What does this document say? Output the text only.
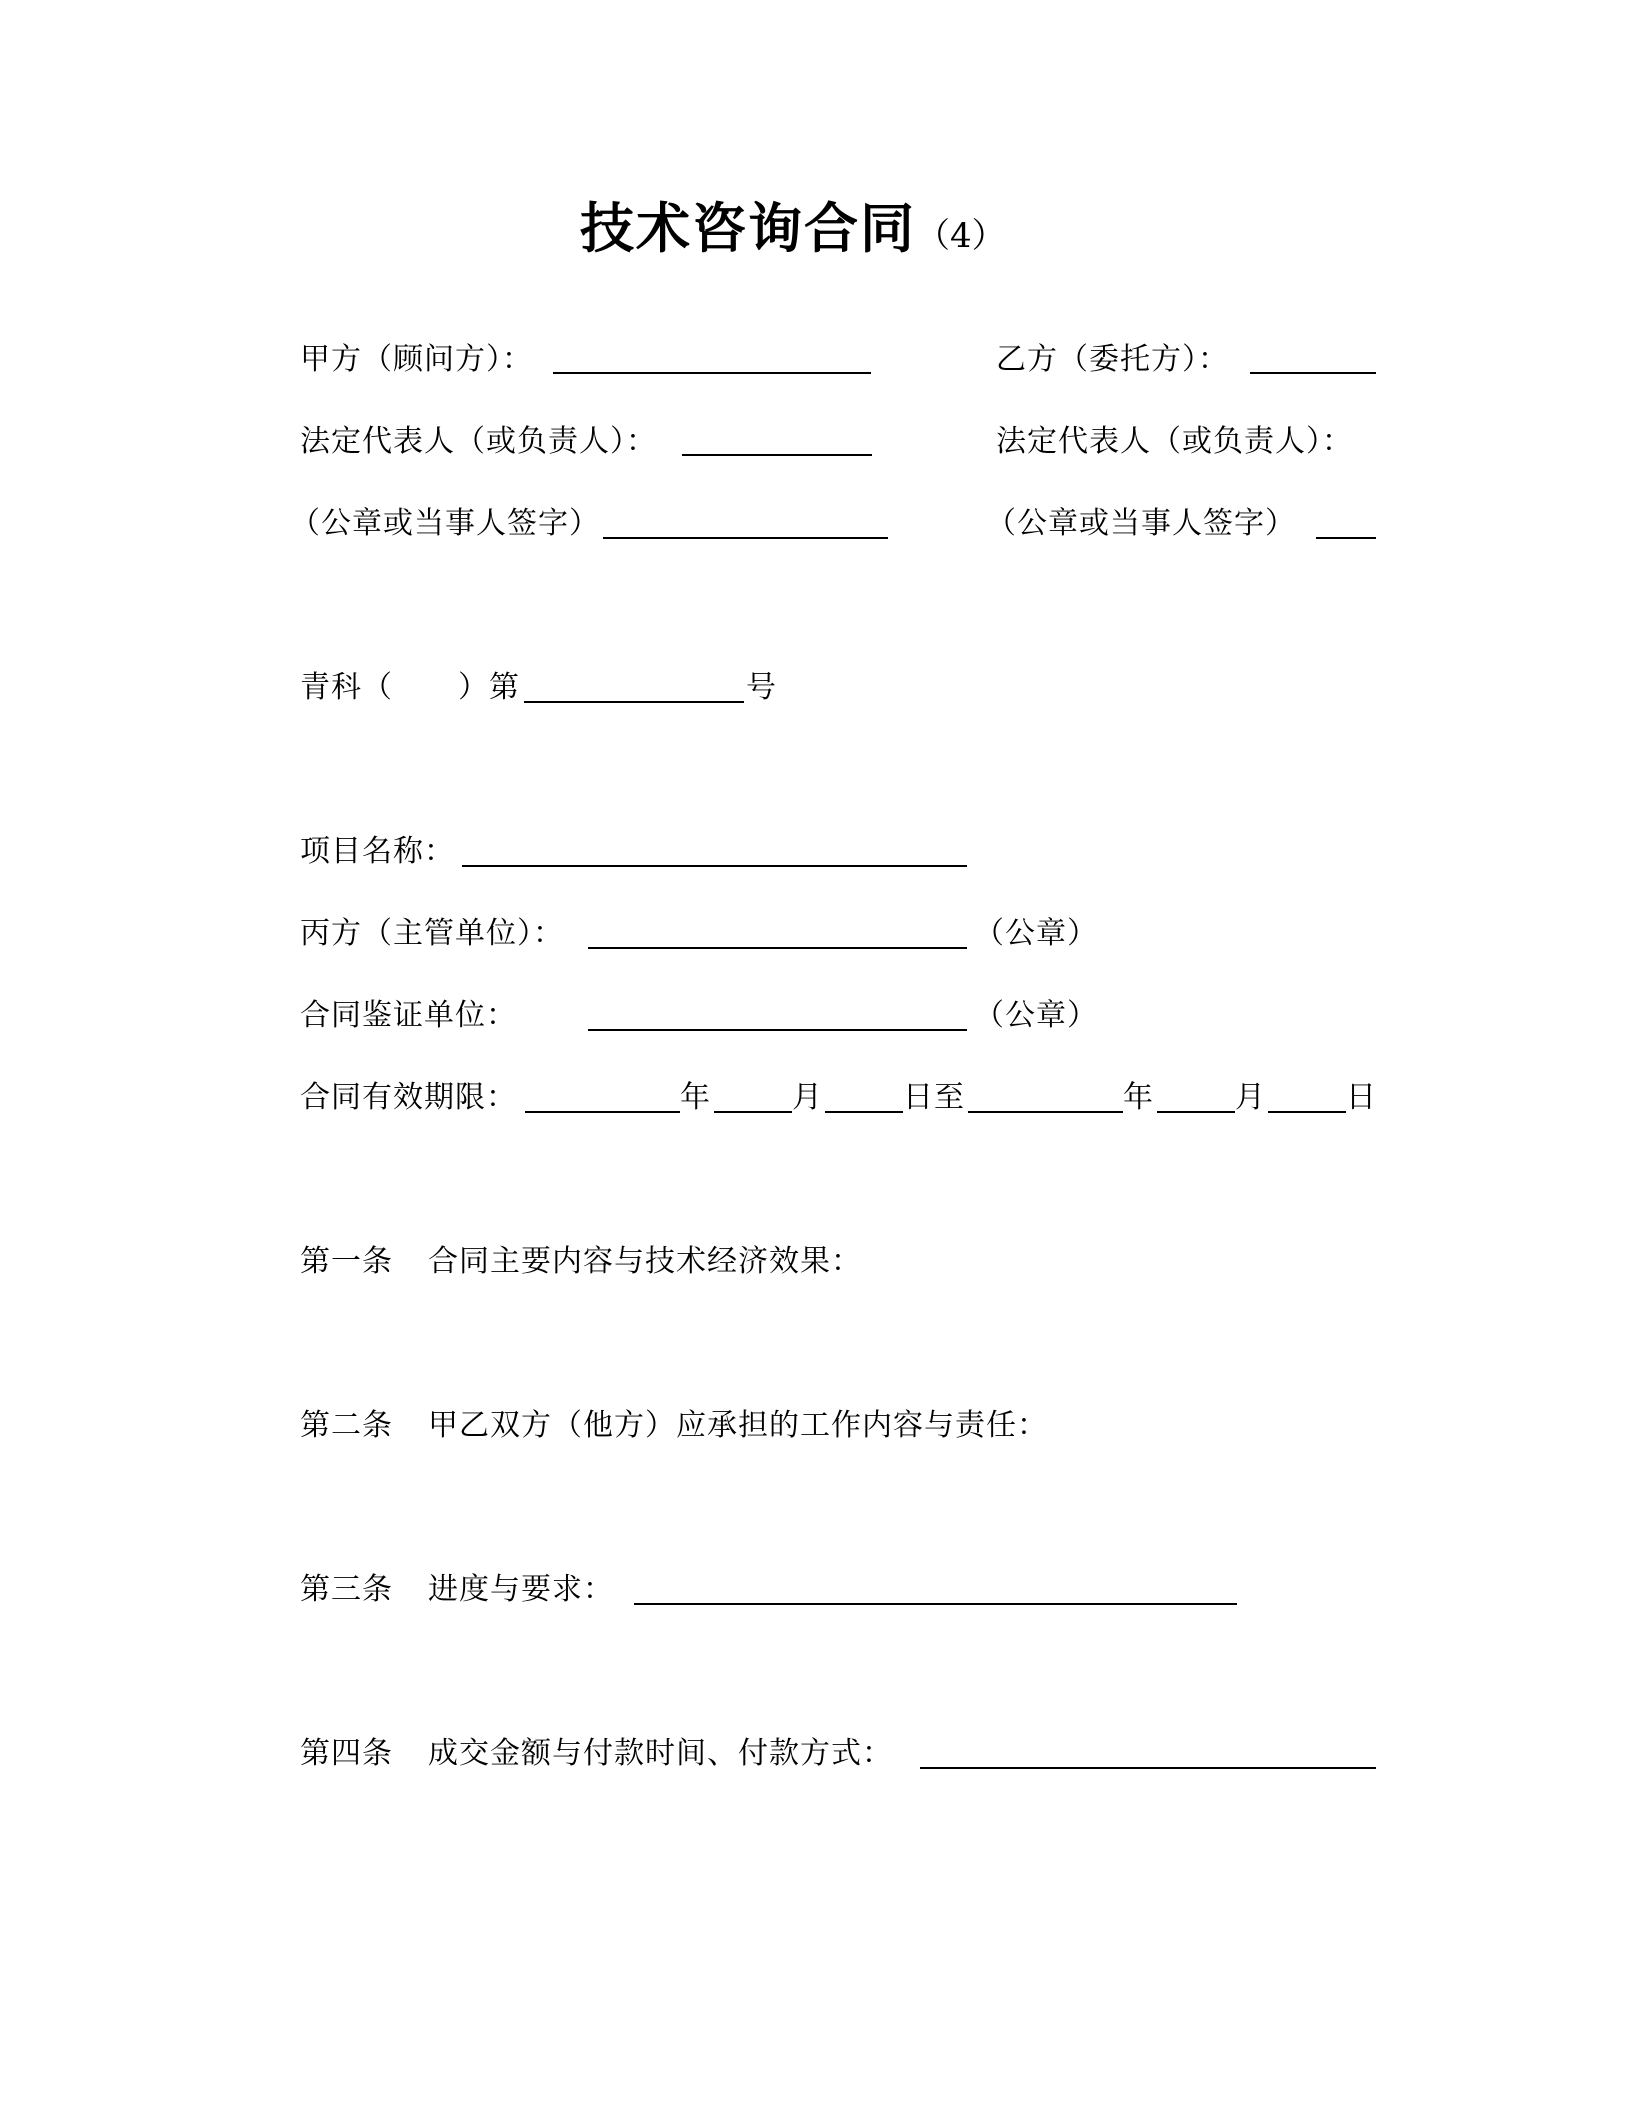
技术咨询合同（4）
甲方（顾问方）：	乙方（委托方）：
法定代表人（或负责人）：	法定代表人（或负责人）：
（公章或当事人签字）	（公章或当事人签字）
青科（ ）第	号
项目名称：
丙方（主管单位）：	（公章）
合同鉴证单位：	（公章）
合同有效期限：	年	月	日至	年	月	日
第一条 合同主要内容与技术经济效果：
第二条 甲乙双方（他方）应承担的工作内容与责任：
第三条 进度与要求：
第四条 成交金额与付款时间、付款方式：
